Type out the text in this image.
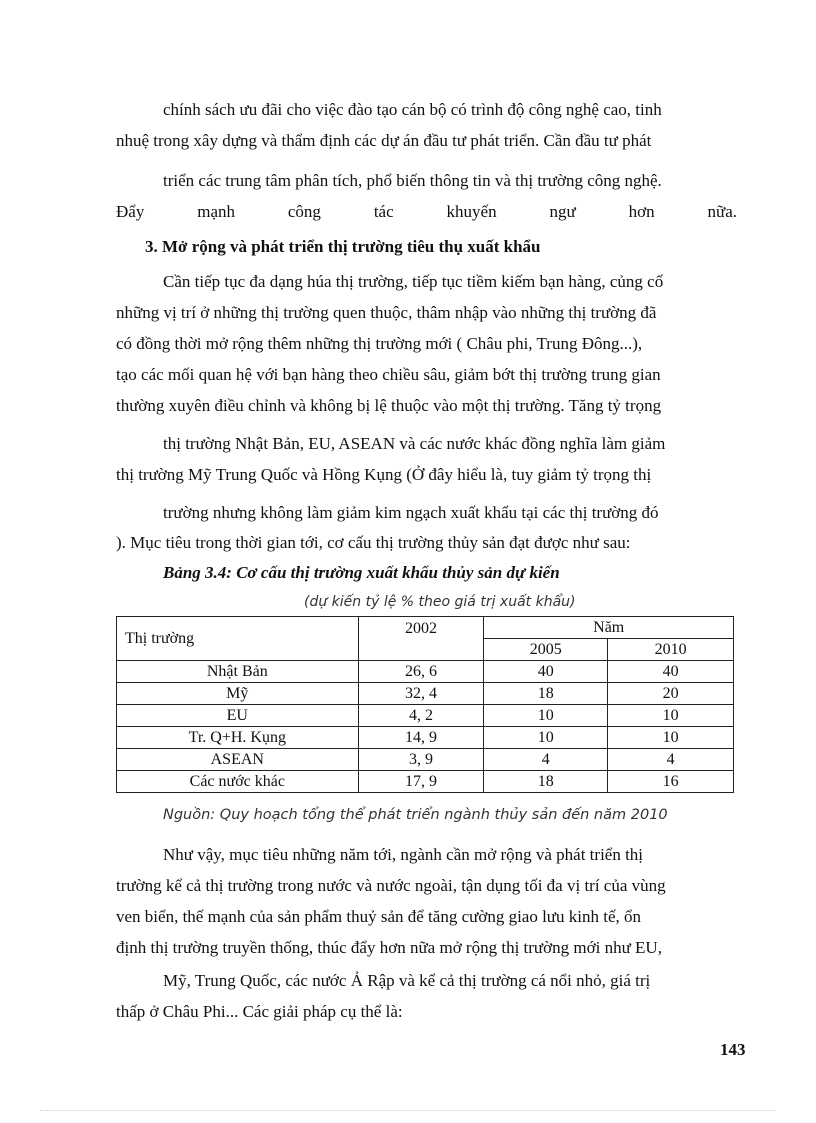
chính sách ưu đãi cho việc đào tạo cán bộ có trình độ công nghệ cao, tinh
nhuệ trong xây dựng và thẩm định các dự án đầu tư phát triển. Cần đầu tư phát
triển các trung tâm phân tích, phổ biến thông tin và thị trường công nghệ.
Đẩy	mạnh	công	tác	khuyến	ngư	hơn	nữa.
3. Mở rộng và phát triển thị trường tiêu thụ xuất khẩu
Cần tiếp tục đa dạng húa thị trường, tiếp tục tiềm kiếm bạn hàng, củng cố
những vị trí ở những thị trường quen thuộc, thâm nhập vào những thị trường đã
có đồng thời mở rộng thêm những thị trường mới ( Châu phi, Trung Đông...),
tạo các mối quan hệ với bạn hàng theo chiều sâu, giảm bớt thị trường trung gian
thường xuyên điều chỉnh và không bị lệ thuộc vào một thị trường. Tăng tỷ trọng
thị trường Nhật Bản, EU, ASEAN và các nước khác đồng nghĩa làm giảm
thị trường Mỹ Trung Quốc và Hồng Kụng (Ở đây hiểu là, tuy giảm tỷ trọng thị
trường nhưng không làm giảm kim ngạch xuất khẩu tại các thị trường đó
). Mục tiêu trong thời gian tới, cơ cấu thị trường thủy sản đạt được như sau:
Bảng 3.4: Cơ cấu thị trường xuất khẩu thủy sản dự kiến
(dự kiến tỷ lệ % theo giá trị xuất khẩu)
Thị trường	2002	Năm	
		2005	2010
Nhật Bản	26, 6	40	40
Mỹ	32, 4	18	20
EU	4, 2	10	10
Tr. Q+H. Kụng	14, 9	10	10
ASEAN	3, 9	4	4
Các nước khác	17, 9	18	16
Nguồn: Quy hoạch tổng thể phát triển ngành thủy sản đến năm 2010
Như vậy, mục tiêu những năm tới, ngành cần mở rộng và phát triển thị
trường kể cả thị trường trong nước và nước ngoài, tận dụng tối đa vị trí của vùng
ven biển, thế mạnh của sản phẩm thuỷ sản để tăng cường giao lưu kinh tế, ổn
định thị trường truyền thống, thúc đẩy hơn nữa mở rộng thị trường mới như EU,
Mỹ, Trung Quốc, các nước Ả Rập và kể cả thị trường cá nổi nhỏ, giá trị
thấp ở Châu Phi... Các giải pháp cụ thể là:
143
